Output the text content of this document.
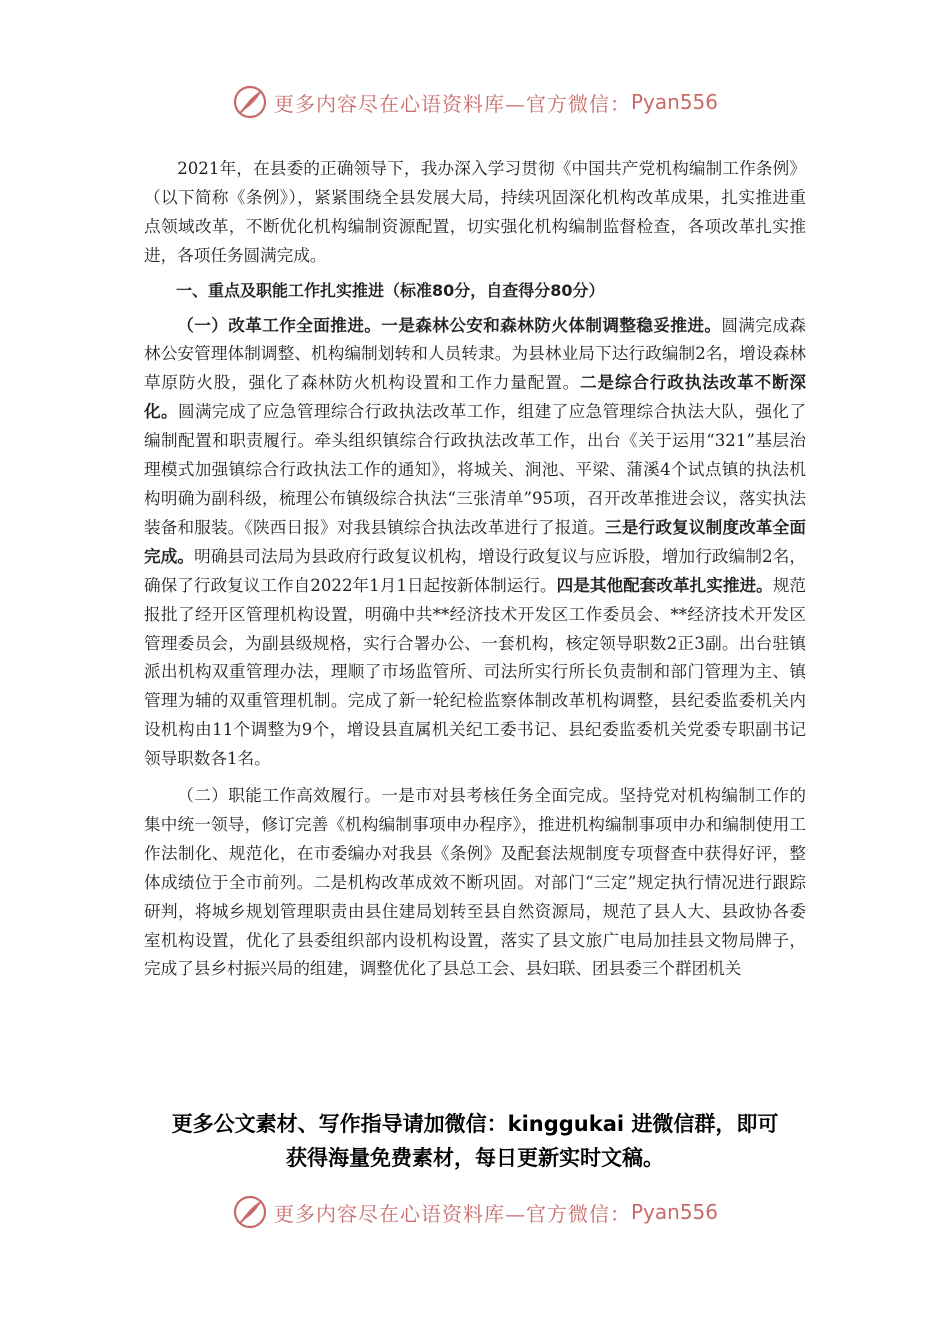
更多内容尽在心语资料库—官方微信： Pyan556

2021年，在县委的正确领导下，我办深入学习贯彻《中国共产党机构编制工作条例》（以下简称《条例》），紧紧围绕全县发展大局，持续巩固深化机构改革成果，扎实推进重点领域改革，不断优化机构编制资源配置，切实强化机构编制监督检查，各项改革扎实推进，各项任务圆满完成。

一、重点及职能工作扎实推进（标准80分，自查得分80分）

（一）改革工作全面推进。一是森林公安和森林防火体制调整稳妥推进。圆满完成森林公安管理体制调整、机构编制划转和人员转隶。为县林业局下达行政编制2名，增设森林草原防火股，强化了森林防火机构设置和工作力量配置。二是综合行政执法改革不断深化。圆满完成了应急管理综合行政执法改革工作，组建了应急管理综合执法大队，强化了编制配置和职责履行。牵头组织镇综合行政执法改革工作，出台《关于运用“321”基层治理模式加强镇综合行政执法工作的通知》，将城关、涧池、平梁、蒲溪4个试点镇的执法机构明确为副科级，梳理公布镇级综合执法“三张清单”95项，召开改革推进会议，落实执法装备和服装。《陕西日报》对我县镇综合执法改革进行了报道。三是行政复议制度改革全面完成。明确县司法局为县政府行政复议机构，增设行政复议与应诉股，增加行政编制2名，确保了行政复议工作自2022年1月1日起按新体制运行。四是其他配套改革扎实推进。规范报批了经开区管理机构设置，明确中共**经济技术开发区工作委员会、**经济技术开发区管理委员会，为副县级规格，实行合署办公、一套机构，核定领导职数2正3副。出台驻镇派出机构双重管理办法，理顺了市场监管所、司法所实行所长负责制和部门管理为主、镇管理为辅的双重管理机制。完成了新一轮纪检监察体制改革机构调整，县纪委监委机关内设机构由11个调整为9个，增设县直属机关纪工委书记、县纪委监委机关党委专职副书记领导职数各1名。

（二）职能工作高效履行。一是市对县考核任务全面完成。坚持党对机构编制工作的集中统一领导，修订完善《机构编制事项申办程序》，推进机构编制事项申办和编制使用工作法制化、规范化，在市委编办对我县《条例》及配套法规制度专项督查中获得好评，整体成绩位于全市前列。二是机构改革成效不断巩固。对部门“三定”规定执行情况进行跟踪研判，将城乡规划管理职责由县住建局划转至县自然资源局，规范了县人大、县政协各委室机构设置，优化了县委组织部内设机构设置，落实了县文旅广电局加挂县文物局牌子，完成了县乡村振兴局的组建，调整优化了县总工会、县妇联、团县委三个群团机关

更多公文素材、写作指导请加微信：kinggukai 进微信群，即可
获得海量免费素材，每日更新实时文稿。
更多内容尽在心语资料库—官方微信： Pyan556
